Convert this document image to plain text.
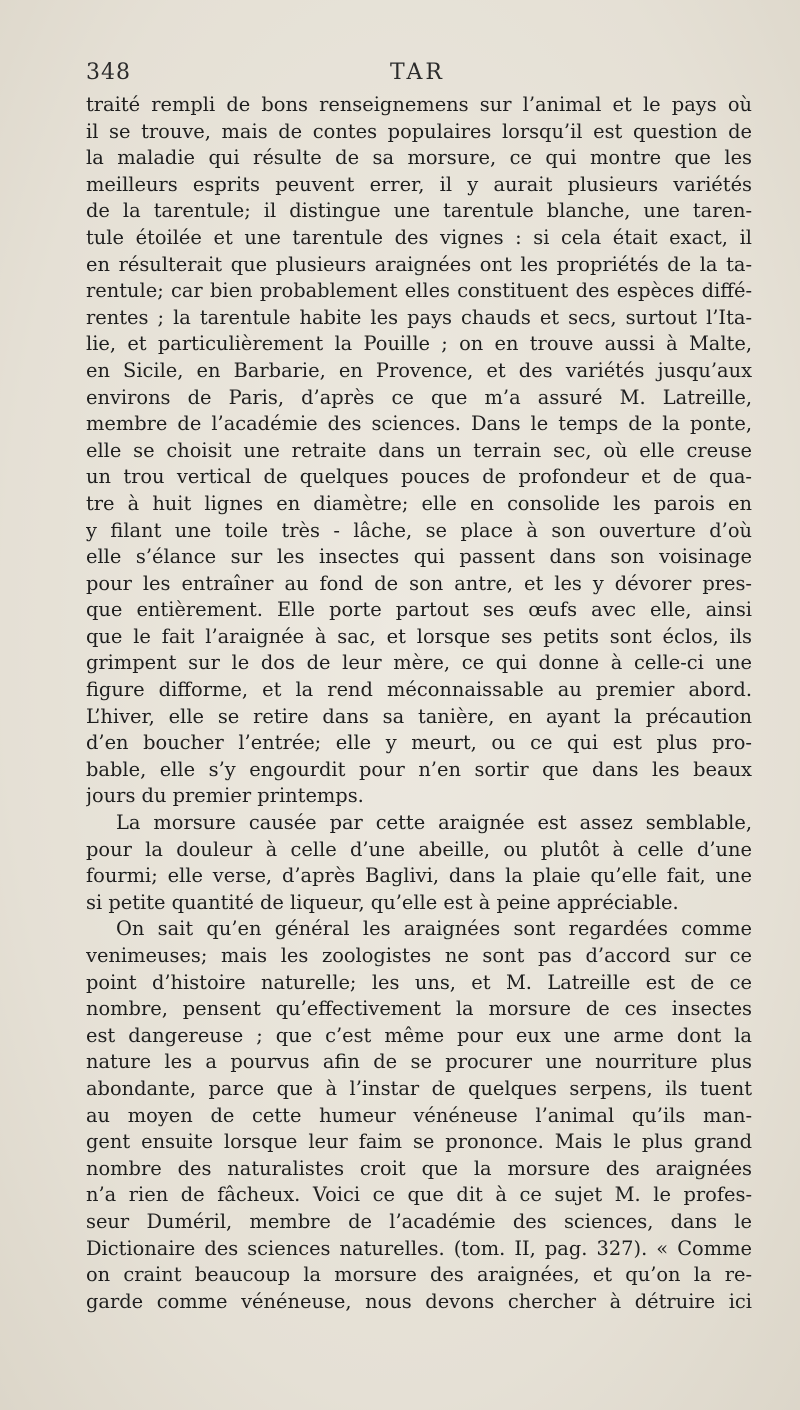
348	TAR
traité rempli de bons renseignemens sur l’animal et le pays où
il se trouve, mais de contes populaires lorsqu’il est question de
la maladie qui résulte de sa morsure, ce qui montre que les
meilleurs esprits peuvent errer, il y aurait plusieurs variétés
de la tarentule; il distingue une tarentule blanche, une taren-
tule étoilée et une tarentule des vignes : si cela était exact, il
en résulterait que plusieurs araignées ont les propriétés de la ta-
rentule; car bien probablement elles constituent des espèces diffé-
rentes ; la tarentule habite les pays chauds et secs, surtout l’Ita-
lie, et particulièrement la Pouille ; on en trouve aussi à Malte,
en Sicile, en Barbarie, en Provence, et des variétés jusqu’aux
environs de Paris, d’après ce que m’a assuré M. Latreille,
membre de l’académie des sciences. Dans le temps de la ponte,
elle se choisit une retraite dans un terrain sec, où elle creuse
un trou vertical de quelques pouces de profondeur et de qua-
tre à huit lignes en diamètre; elle en consolide les parois en
y filant une toile très - lâche, se place à son ouverture d’où
elle s’élance sur les insectes qui passent dans son voisinage
pour les entraîner au fond de son antre, et les y dévorer pres-
que entièrement. Elle porte partout ses œufs avec elle, ainsi
que le fait l’araignée à sac, et lorsque ses petits sont éclos, ils
grimpent sur le dos de leur mère, ce qui donne à celle-ci une
figure difforme, et la rend méconnaissable au premier abord.
L’hiver, elle se retire dans sa tanière, en ayant la précaution
d’en boucher l’entrée; elle y meurt, ou ce qui est plus pro-
bable, elle s’y engourdit pour n’en sortir que dans les beaux
jours du premier printemps.
La morsure causée par cette araignée est assez semblable,
pour la douleur à celle d’une abeille, ou plutôt à celle d’une
fourmi; elle verse, d’après Baglivi, dans la plaie qu’elle fait, une
si petite quantité de liqueur, qu’elle est à peine appréciable.
On sait qu’en général les araignées sont regardées comme
venimeuses; mais les zoologistes ne sont pas d’accord sur ce
point d’histoire naturelle; les uns, et M. Latreille est de ce
nombre, pensent qu’effectivement la morsure de ces insectes
est dangereuse ; que c’est même pour eux une arme dont la
nature les a pourvus afin de se procurer une nourriture plus
abondante, parce que à l’instar de quelques serpens, ils tuent
au moyen de cette humeur vénéneuse l’animal qu’ils man-
gent ensuite lorsque leur faim se prononce. Mais le plus grand
nombre des naturalistes croit que la morsure des araignées
n’a rien de fâcheux. Voici ce que dit à ce sujet M. le profes-
seur Duméril, membre de l’académie des sciences, dans le
Dictionaire des sciences naturelles. (tom. II, pag. 327). « Comme
on craint beaucoup la morsure des araignées, et qu’on la re-
garde comme vénéneuse, nous devons chercher à détruire ici
